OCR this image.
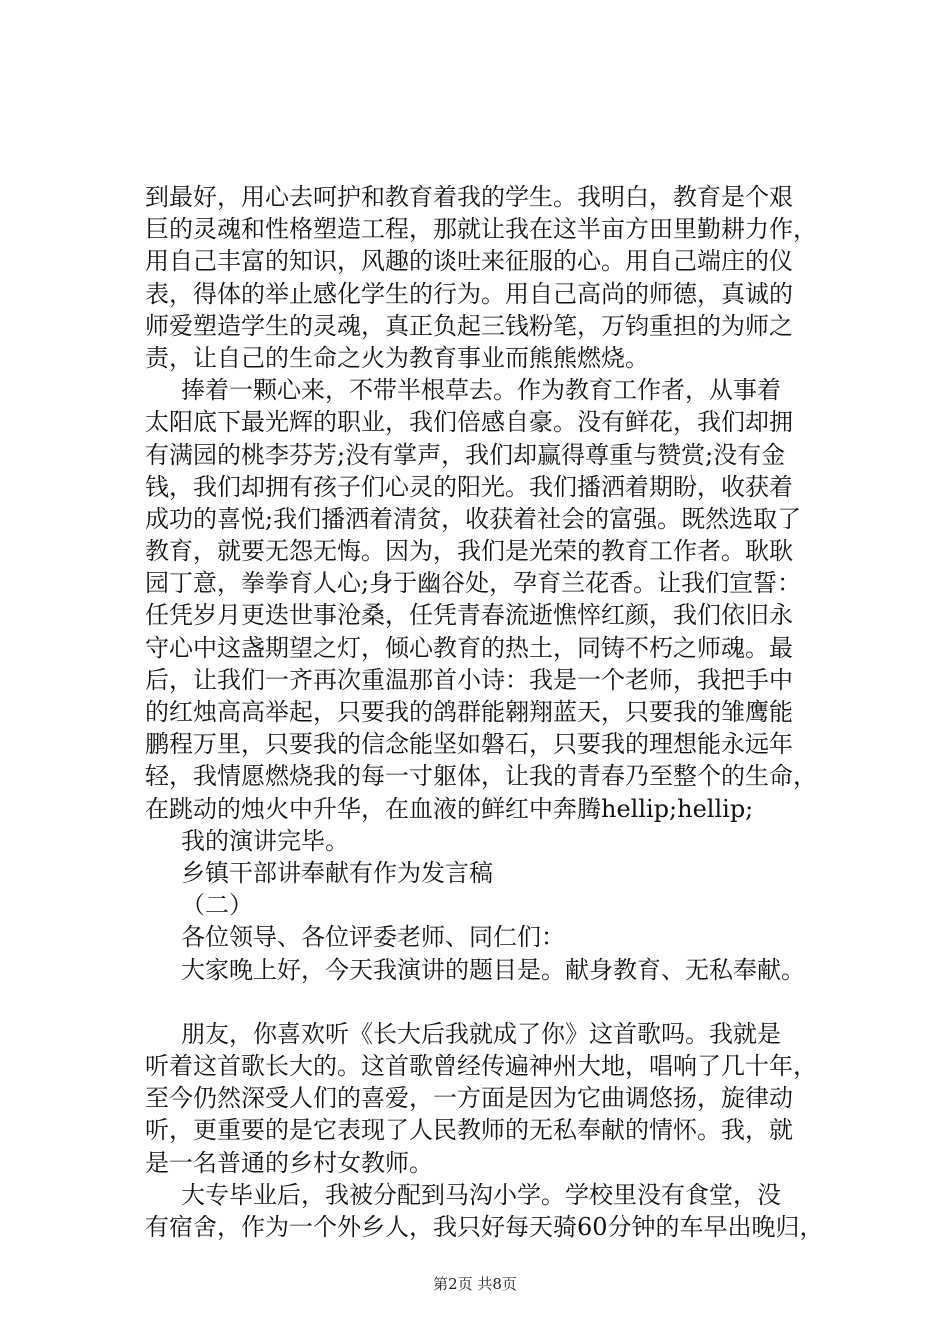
到最好，用心去呵护和教育着我的学生。我明白，教育是个艰
巨的灵魂和性格塑造工程，那就让我在这半亩方田里勤耕力作，
用自己丰富的知识，风趣的谈吐来征服的心。用自己端庄的仪
表，得体的举止感化学生的行为。用自己高尚的师德，真诚的
师爱塑造学生的灵魂，真正负起三钱粉笔，万钧重担的为师之
责，让自己的生命之火为教育事业而熊熊燃烧。
捧着一颗心来，不带半根草去。作为教育工作者，从事着
太阳底下最光辉的职业，我们倍感自豪。没有鲜花，我们却拥
有满园的桃李芬芳;没有掌声，我们却赢得尊重与赞赏;没有金
钱，我们却拥有孩子们心灵的阳光。我们播洒着期盼，收获着
成功的喜悦;我们播洒着清贫，收获着社会的富强。既然选取了
教育，就要无怨无悔。因为，我们是光荣的教育工作者。耿耿
园丁意，拳拳育人心;身于幽谷处，孕育兰花香。让我们宣誓：
任凭岁月更迭世事沧桑，任凭青春流逝憔悴红颜，我们依旧永
守心中这盏期望之灯，倾心教育的热土，同铸不朽之师魂。最
后，让我们一齐再次重温那首小诗：我是一个老师，我把手中
的红烛高高举起，只要我的鸽群能翱翔蓝天，只要我的雏鹰能
鹏程万里，只要我的信念能坚如磐石，只要我的理想能永远年
轻，我情愿燃烧我的每一寸躯体，让我的青春乃至整个的生命，
在跳动的烛火中升华，在血液的鲜红中奔腾hellip;hellip;
我的演讲完毕。
乡镇干部讲奉献有作为发言稿
（二）
各位领导、各位评委老师、同仁们：
大家晚上好，今天我演讲的题目是。献身教育、无私奉献。
朋友，你喜欢听《长大后我就成了你》这首歌吗。我就是
听着这首歌长大的。这首歌曾经传遍神州大地，唱响了几十年，
至今仍然深受人们的喜爱，一方面是因为它曲调悠扬，旋律动
听，更重要的是它表现了人民教师的无私奉献的情怀。我，就
是一名普通的乡村女教师。
大专毕业后，我被分配到马沟小学。学校里没有食堂，没
有宿舍，作为一个外乡人，我只好每天骑60分钟的车早出晚归，
第2页 共8页
